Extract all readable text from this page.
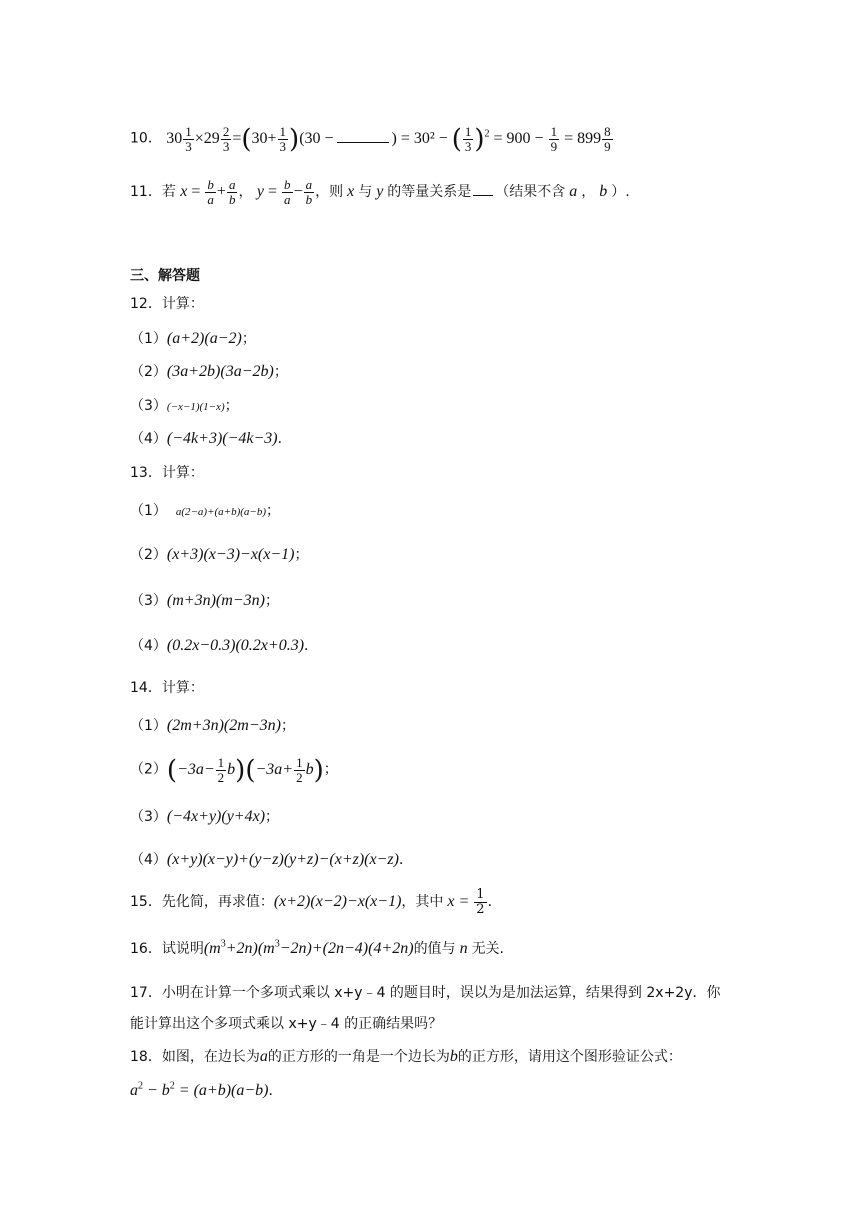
10． $30 \frac{1}{3} \times 29 \frac{2}{3} =(30+ \frac{1}{3} )(30$ −	) = 30² − ( $\frac{1}{3} )^2 = 900 - \frac{1}{9} = 899 \frac{8}{9}$
11．若 $x = \frac{b}{a} + \frac{a}{b}$ ， $y = \frac{b}{a} - \frac{a}{b}$ ，则 x 与 y 的等量关系是 （结果不含 a ， b ）.
三、解答题
12．计算：
（1）(a+2)(a−2)；
（2）(3a+2b)(3a−2b)；
（3）(−x−1)(1−x)；
（4）(−4k+3)(−4k−3)．
13．计算：
（1） a(2−a)+(a+b)(a−b)；
（2）(x+3)(x−3)−x(x−1)；
（3）(m+3n)(m−3n)；
（4）(0.2x−0.3)(0.2x+0.3)．
14．计算：
（1）(2m+3n)(2m−3n)；
$(2)(-3a- \frac{1}{2} b)(-3a+ \frac{1}{2} b)$；
（3）(−4x+y)(y+4x)；
（4）(x+y)(x−y)+(y−z)(y+z)−(x+z)(x−z)．
15．先化简，再求值：(x+2)(x−2)−x(x−1)，其中 $x = \frac{1}{2}$ ．
16．试说明$(m^3+2n)(m^3-2n)+(2n-4)(4+2n)$的值与 n 无关.
17．小明在计算一个多项式乘以 x+y﹣4 的题目时，误以为是加法运算，结果得到 2x+2y．你
能计算出这个多项式乘以 x+y﹣4 的正确结果吗？
18．如图，在边长为a的正方形的一角是一个边长为b的正方形，请用这个图形验证公式：
$a^2 - b^2 = (a+b)(a-b)$．
